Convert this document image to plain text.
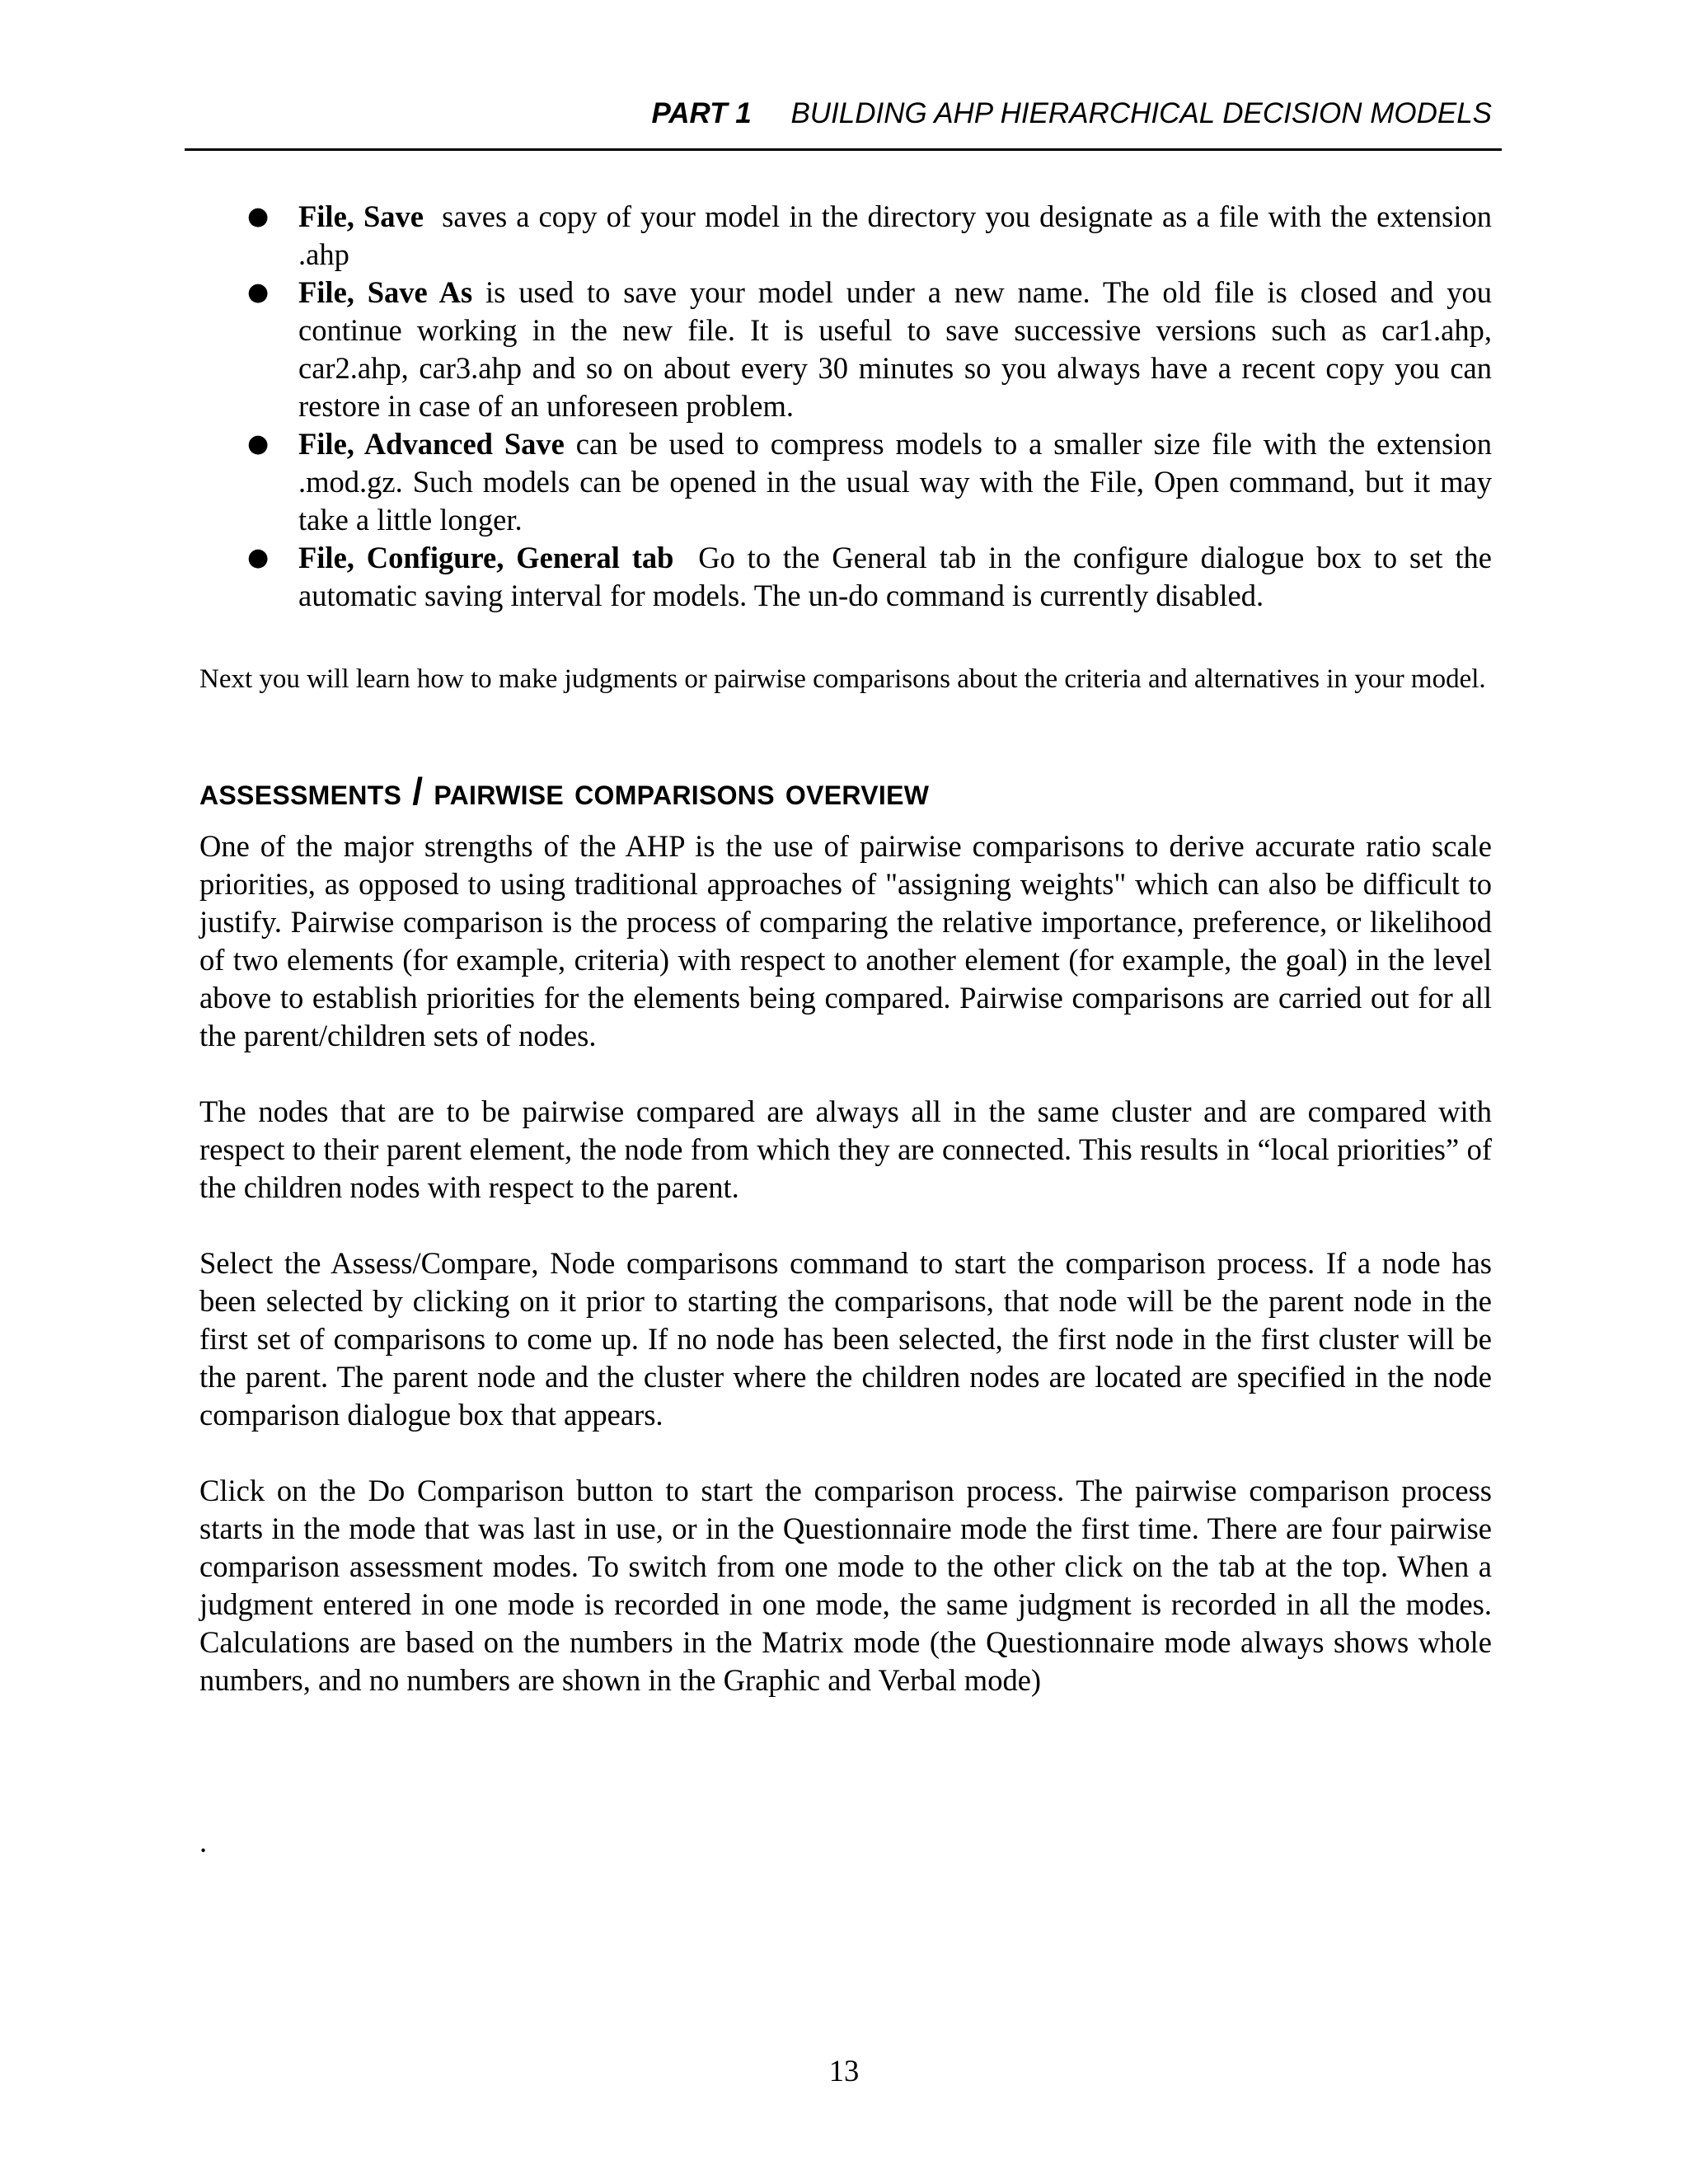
PART 1 BUILDING AHP HIERARCHICAL DECISION MODELS
● File, Save saves a copy of your model in the directory you designate as a file with the extension .ahp
● File, Save As is used to save your model under a new name. The old file is closed and you continue working in the new file. It is useful to save successive versions such as car1.ahp, car2.ahp, car3.ahp and so on about every 30 minutes so you always have a recent copy you can restore in case of an unforeseen problem.
● File, Advanced Save can be used to compress models to a smaller size file with the extension .mod.gz. Such models can be opened in the usual way with the File, Open command, but it may take a little longer.
● File, Configure, General tab Go to the General tab in the configure dialogue box to set the automatic saving interval for models. The un-do command is currently disabled.

Next you will learn how to make judgments or pairwise comparisons about the criteria and alternatives in your model.

assessments / pairwise comparisons overview

One of the major strengths of the AHP is the use of pairwise comparisons to derive accurate ratio scale priorities, as opposed to using traditional approaches of "assigning weights" which can also be difficult to justify. Pairwise comparison is the process of comparing the relative importance, preference, or likelihood of two elements (for example, criteria) with respect to another element (for example, the goal) in the level above to establish priorities for the elements being compared. Pairwise comparisons are carried out for all the parent/children sets of nodes.

The nodes that are to be pairwise compared are always all in the same cluster and are compared with respect to their parent element, the node from which they are connected. This results in “local priorities” of the children nodes with respect to the parent.

Select the Assess/Compare, Node comparisons command to start the comparison process. If a node has been selected by clicking on it prior to starting the comparisons, that node will be the parent node in the first set of comparisons to come up. If no node has been selected, the first node in the first cluster will be the parent. The parent node and the cluster where the children nodes are located are specified in the node comparison dialogue box that appears.

Click on the Do Comparison button to start the comparison process. The pairwise comparison process starts in the mode that was last in use, or in the Questionnaire mode the first time. There are four pairwise comparison assessment modes. To switch from one mode to the other click on the tab at the top. When a judgment entered in one mode is recorded in one mode, the same judgment is recorded in all the modes. Calculations are based on the numbers in the Matrix mode (the Questionnaire mode always shows whole numbers, and no numbers are shown in the Graphic and Verbal mode)

.
13
